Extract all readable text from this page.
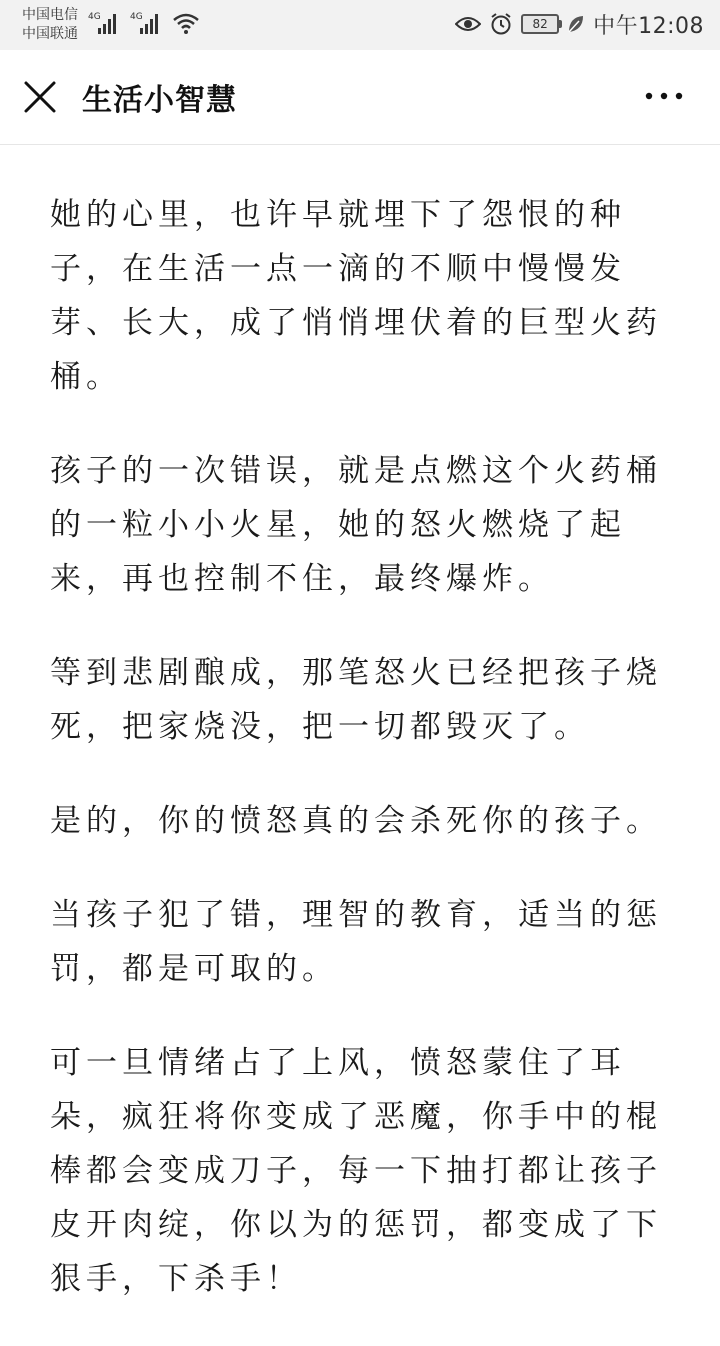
中国电信
中国联通
4G	4G	82 中午12:08
生活小智慧

她的心里，也许早就埋下了怨恨的种子，在生活一点一滴的不顺中慢慢发芽、长大，成了悄悄埋伏着的巨型火药桶。

孩子的一次错误，就是点燃这个火药桶的一粒小小火星，她的怒火燃烧了起来，再也控制不住，最终爆炸。

等到悲剧酿成，那笔怒火已经把孩子烧死，把家烧没，把一切都毁灭了。

是的，你的愤怒真的会杀死你的孩子。

当孩子犯了错，理智的教育，适当的惩罚，都是可取的。

可一旦情绪占了上风，愤怒蒙住了耳朵，疯狂将你变成了恶魔，你手中的棍棒都会变成刀子，每一下抽打都让孩子皮开肉绽，你以为的惩罚，都变成了下狠手，下杀手！
